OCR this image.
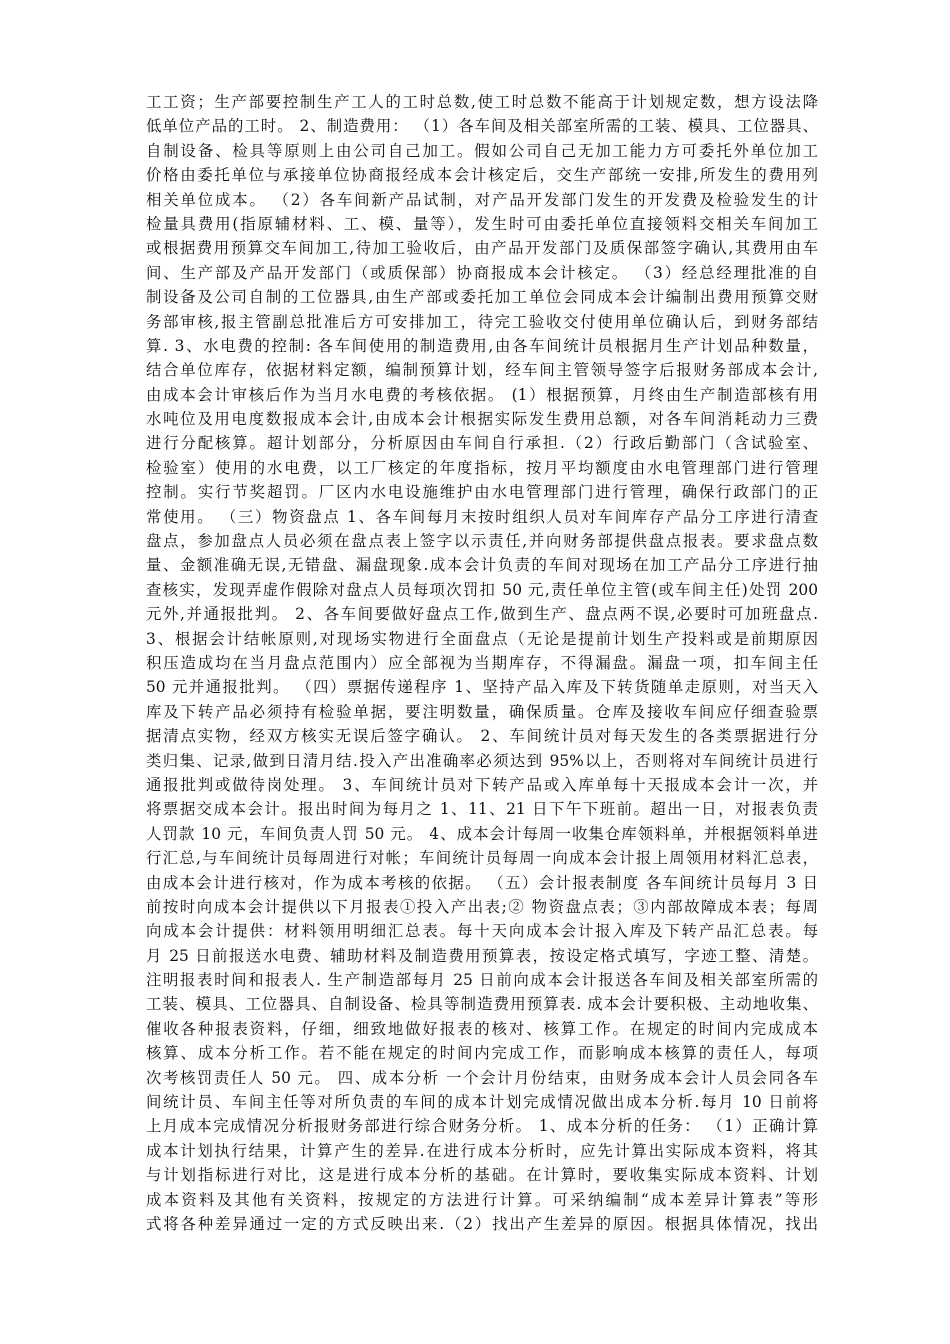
工工资；生产部要控制生产工人的工时总数,使工时总数不能高于计划规定数，想方设法降
低单位产品的工时。 2、制造费用： （1）各车间及相关部室所需的工装、模具、工位器具、
自制设备、检具等原则上由公司自己加工。假如公司自己无加工能力方可委托外单位加工
价格由委托单位与承接单位协商报经成本会计核定后，交生产部统一安排,所发生的费用列
相关单位成本。 （2）各车间新产品试制，对产品开发部门发生的开发费及检验发生的计
检量具费用(指原辅材料、工、模、量等），发生时可由委托单位直接领料交相关车间加工
或根据费用预算交车间加工,待加工验收后，由产品开发部门及质保部签字确认,其费用由车
间、生产部及产品开发部门（或质保部）协商报成本会计核定。 （3）经总经理批准的自
制设备及公司自制的工位器具,由生产部或委托加工单位会同成本会计编制出费用预算交财
务部审核,报主管副总批准后方可安排加工，待完工验收交付使用单位确认后，到财务部结
算. 3、水电费的控制: 各车间使用的制造费用,由各车间统计员根据月生产计划品种数量，
结合单位库存，依据材料定额，编制预算计划，经车间主管领导签字后报财务部成本会计,
由成本会计审核后作为当月水电费的考核依据。 (1）根据预算，月终由生产制造部核有用
水吨位及用电度数报成本会计,由成本会计根据实际发生费用总额，对各车间消耗动力三费
进行分配核算。超计划部分，分析原因由车间自行承担.（2）行政后勤部门（含试验室、
检验室）使用的水电费，以工厂核定的年度指标，按月平均额度由水电管理部门进行管理
控制。实行节奖超罚。厂区内水电设施维护由水电管理部门进行管理，确保行政部门的正
常使用。 （三）物资盘点 1、各车间每月末按时组织人员对车间库存产品分工序进行清查
盘点，参加盘点人员必须在盘点表上签字以示责任,并向财务部提供盘点报表。要求盘点数
量、金额准确无误,无错盘、漏盘现象.成本会计负责的车间对现场在加工产品分工序进行抽
查核实，发现弄虚作假除对盘点人员每项次罚扣 50 元,责任单位主管(或车间主任)处罚 200
元外,并通报批判。 2、各车间要做好盘点工作,做到生产、盘点两不误,必要时可加班盘点.
3、根据会计结帐原则,对现场实物进行全面盘点（无论是提前计划生产投料或是前期原因
积压造成均在当月盘点范围内）应全部视为当期库存，不得漏盘。漏盘一项，扣车间主任
50 元并通报批判。 （四）票据传递程序 1、坚持产品入库及下转货随单走原则，对当天入
库及下转产品必须持有检验单据，要注明数量，确保质量。仓库及接收车间应仔细查验票
据清点实物，经双方核实无误后签字确认。 2、车间统计员对每天发生的各类票据进行分
类归集、记录,做到日清月结.投入产出准确率必须达到 95%以上，否则将对车间统计员进行
通报批判或做待岗处理。 3、车间统计员对下转产品或入库单每十天报成本会计一次，并
将票据交成本会计。报出时间为每月之 1、11、21 日下午下班前。超出一日，对报表负责
人罚款 10 元，车间负责人罚 50 元。 4、成本会计每周一收集仓库领料单，并根据领料单进
行汇总,与车间统计员每周进行对帐；车间统计员每周一向成本会计报上周领用材料汇总表，
由成本会计进行核对，作为成本考核的依据。 （五）会计报表制度 各车间统计员每月 3 日
前按时向成本会计提供以下月报表①投入产出表;② 物资盘点表；③内部故障成本表；每周
向成本会计提供：材料领用明细汇总表。每十天向成本会计报入库及下转产品汇总表。每
月 25 日前报送水电费、辅助材料及制造费用预算表，按设定格式填写，字迹工整、清楚。
注明报表时间和报表人. 生产制造部每月 25 日前向成本会计报送各车间及相关部室所需的
工装、模具、工位器具、自制设备、检具等制造费用预算表. 成本会计要积极、主动地收集、
催收各种报表资料，仔细，细致地做好报表的核对、核算工作。在规定的时间内完成成本
核算、成本分析工作。若不能在规定的时间内完成工作，而影响成本核算的责任人，每项
次考核罚责任人 50 元。 四、成本分析 一个会计月份结束，由财务成本会计人员会同各车
间统计员、车间主任等对所负责的车间的成本计划完成情况做出成本分析.每月 10 日前将
上月成本完成情况分析报财务部进行综合财务分析。 1、成本分析的任务： （1）正确计算
成本计划执行结果，计算产生的差异.在进行成本分析时，应先计算出实际成本资料，将其
与计划指标进行对比，这是进行成本分析的基础。在计算时，要收集实际成本资料、计划
成本资料及其他有关资料，按规定的方法进行计算。可采纳编制“成本差异计算表”等形
式将各种差异通过一定的方式反映出来.（2）找出产生差异的原因。根据具体情况，找出
